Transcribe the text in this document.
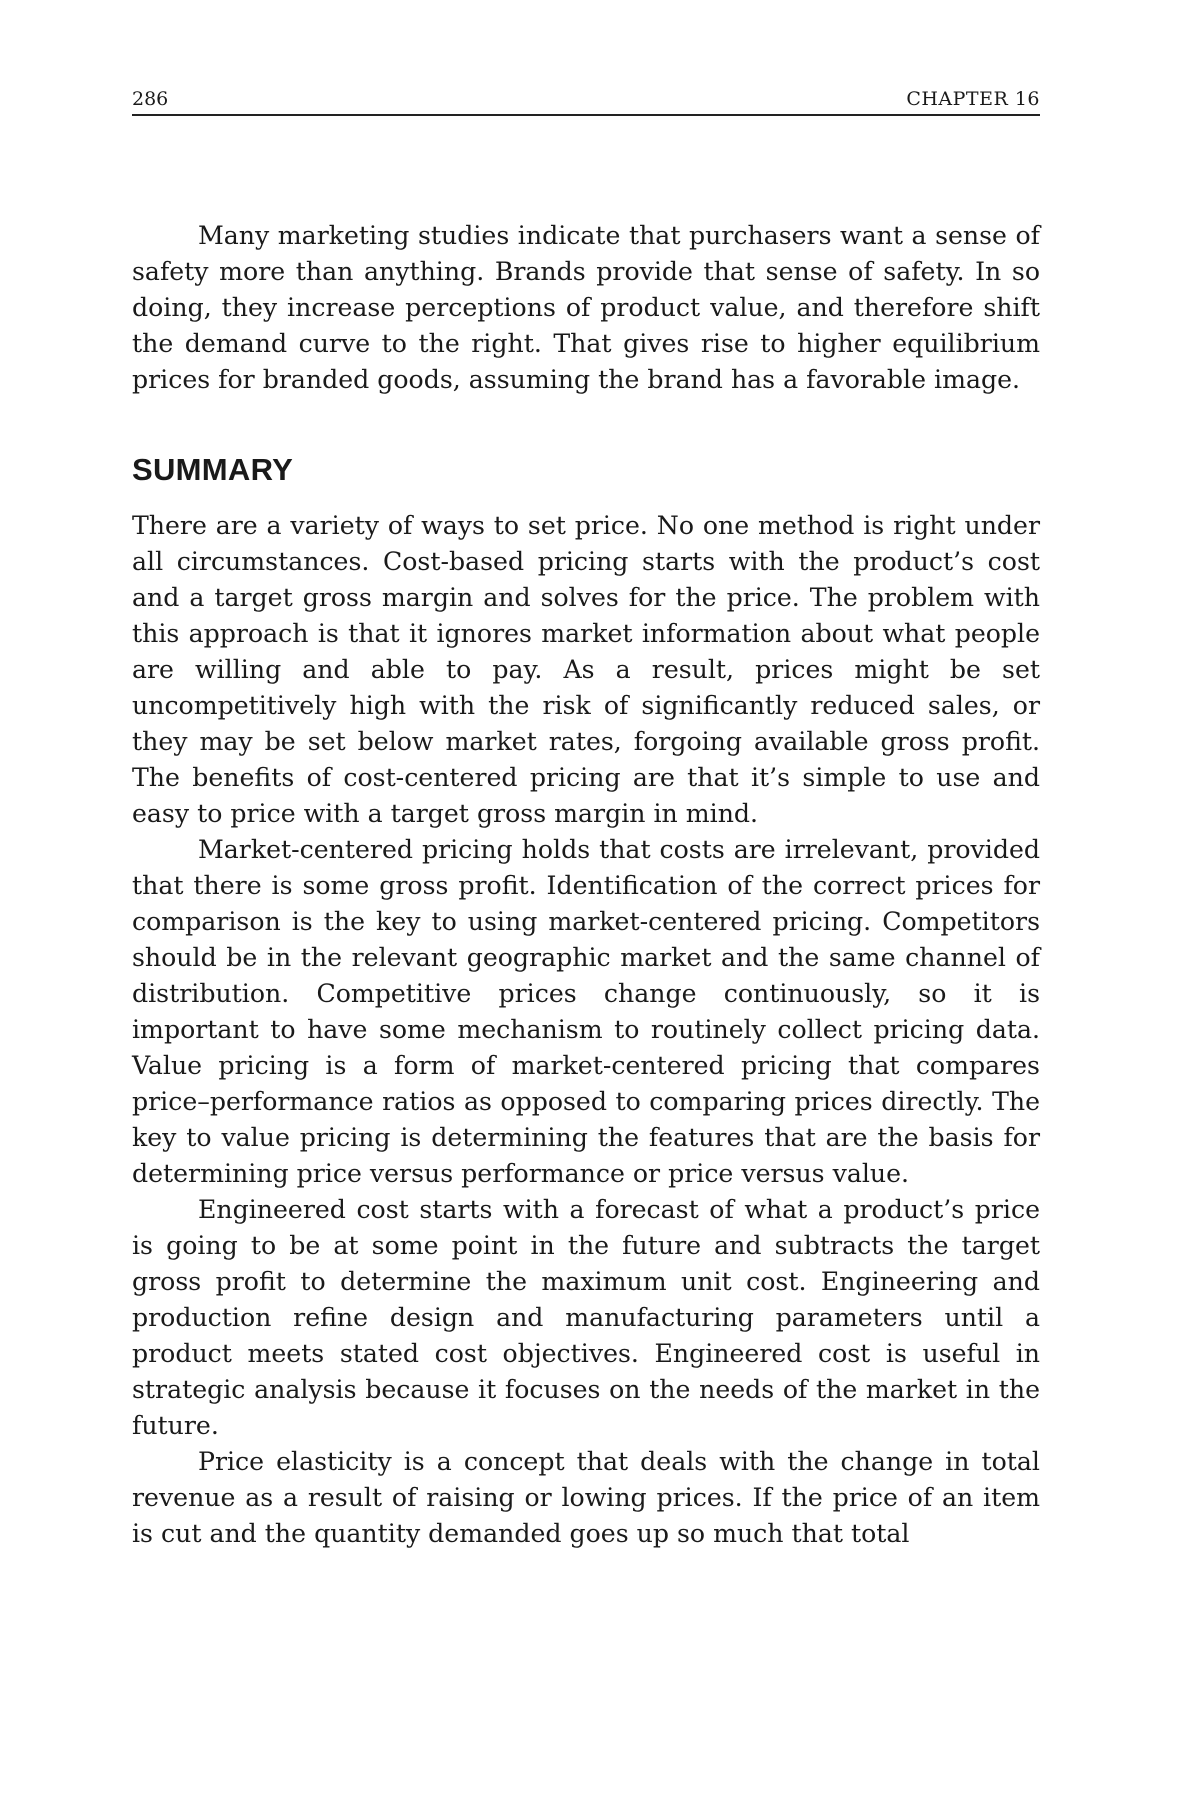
286	CHAPTER 16

Many marketing studies indicate that purchasers want a sense of safety more than anything. Brands provide that sense of safety. In so doing, they increase perceptions of product value, and therefore shift the demand curve to the right. That gives rise to higher equilibrium prices for branded goods, assuming the brand has a favorable image.

SUMMARY

There are a variety of ways to set price. No one method is right under all circumstances. Cost-based pricing starts with the product’s cost and a target gross margin and solves for the price. The problem with this approach is that it ignores market information about what people are willing and able to pay. As a result, prices might be set uncompetitively high with the risk of significantly reduced sales, or they may be set below market rates, forgoing available gross profit. The benefits of cost-centered pricing are that it’s simple to use and easy to price with a target gross margin in mind.

Market-centered pricing holds that costs are irrelevant, provided that there is some gross profit. Identification of the correct prices for comparison is the key to using market-centered pricing. Competitors should be in the relevant geographic market and the same channel of distribution. Competitive prices change continuously, so it is important to have some mechanism to routinely collect pricing data. Value pricing is a form of market-centered pricing that compares price–performance ratios as opposed to comparing prices directly. The key to value pricing is determining the features that are the basis for determining price versus performance or price versus value.

Engineered cost starts with a forecast of what a product’s price is going to be at some point in the future and subtracts the target gross profit to determine the maximum unit cost. Engineering and production refine design and manufacturing parameters until a product meets stated cost objectives. Engineered cost is useful in strategic analysis because it focuses on the needs of the market in the future.

Price elasticity is a concept that deals with the change in total revenue as a result of raising or lowing prices. If the price of an item is cut and the quantity demanded goes up so much that total
